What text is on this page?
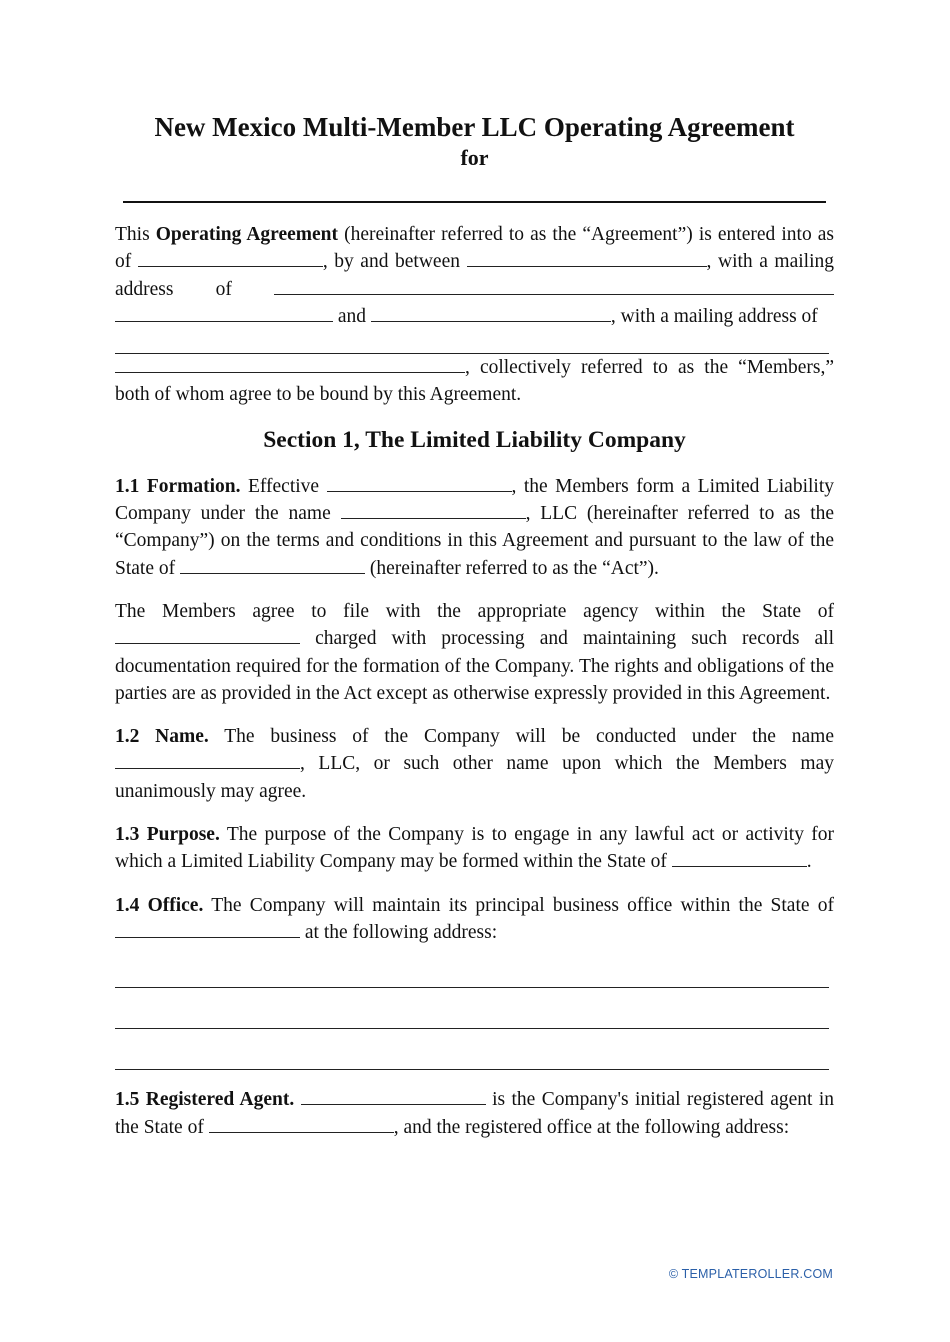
New Mexico Multi-Member LLC Operating Agreement
for

This Operating Agreement (hereinafter referred to as the “Agreement”) is entered into as of	, by and between	, with a mailing address of   and	, with a mailing address of
, collectively referred to as the “Members,” both of whom agree to be bound by this Agreement.

Section 1, The Limited Liability Company

1.1 Formation. Effective	, the Members form a Limited Liability Company under the name	, LLC (hereinafter referred to as the “Company”) on the terms and conditions in this Agreement and pursuant to the law of the State of	(hereinafter referred to as the “Act”).

The Members agree to file with the appropriate agency within the State of  charged with processing and maintaining such records all documentation required for the formation of the Company. The rights and obligations of the parties are as provided in the Act except as otherwise expressly provided in this Agreement.

1.2 Name. The business of the Company will be conducted under the name , LLC, or such other name upon which the Members may unanimously may agree.

1.3 Purpose. The purpose of the Company is to engage in any lawful act or activity for which a Limited Liability Company may be formed within the State of	.

1.4 Office. The Company will maintain its principal business office within the State of  at the following address:

1.5 Registered Agent.	is the Company's initial registered agent in the State of	, and the registered office at the following address:

© TEMPLATEROLLER.COM
